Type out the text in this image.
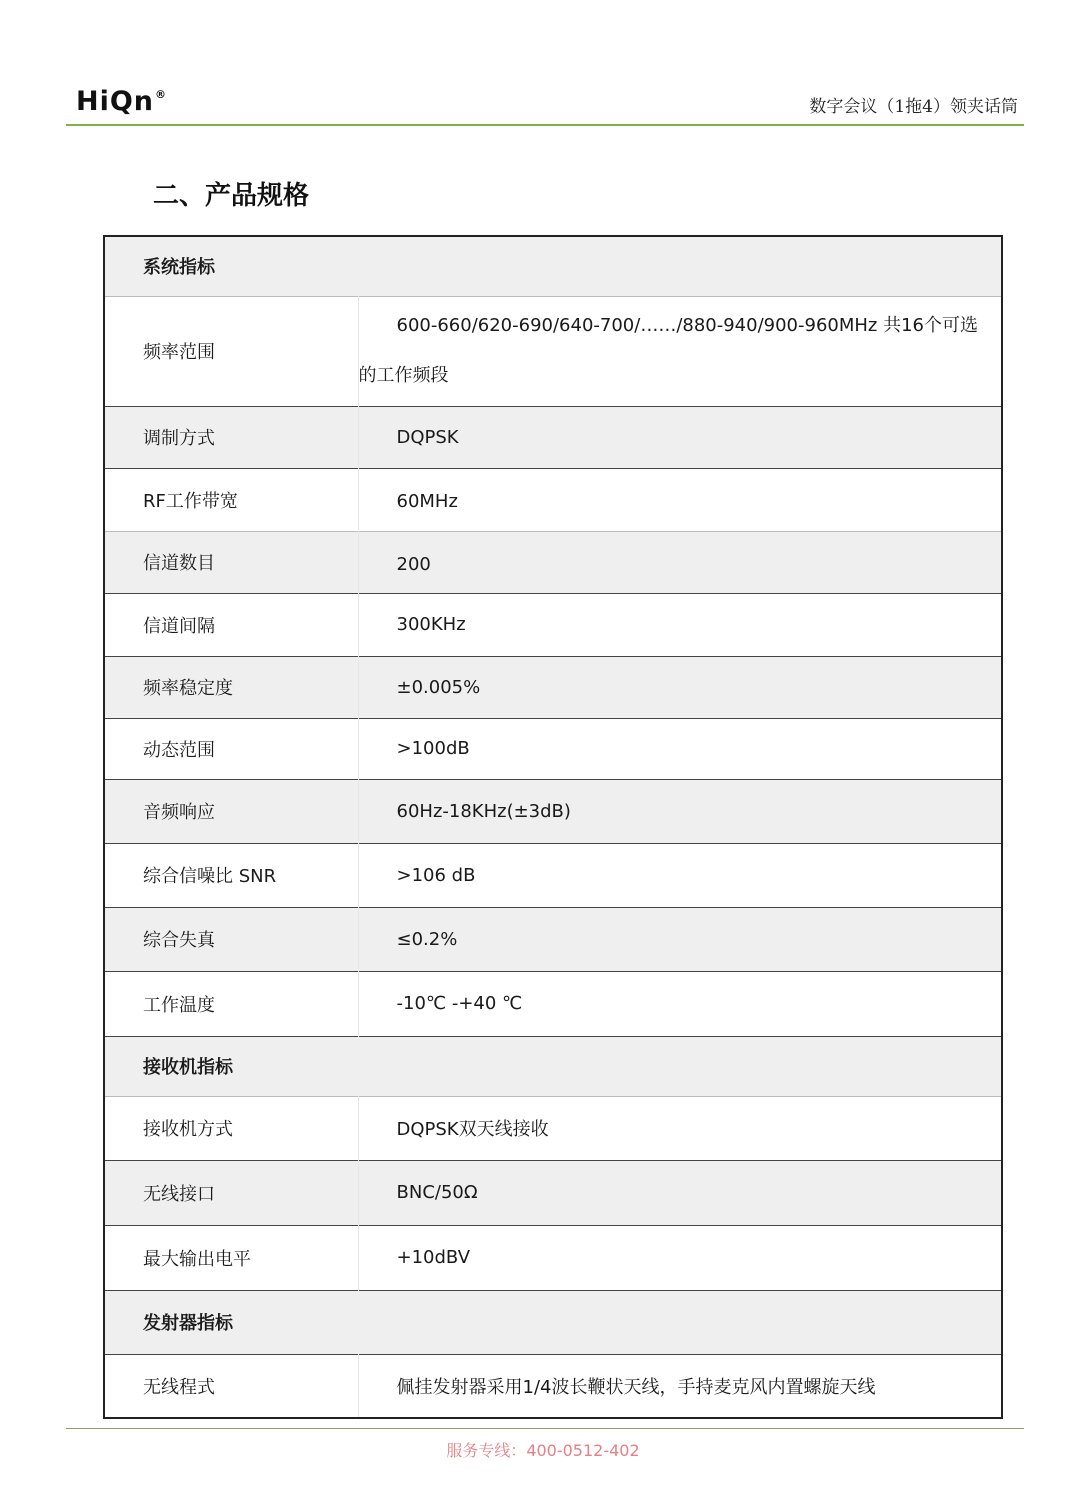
HiQn®
数字会议（1拖4）领夹话筒
二、产品规格
系统指标	
频率范围	600-660/620-690/640-700/……/880-940/900-960MHz 共16个可选
的工作频段

调制方式	DQPSK
RF工作带宽	60MHz
信道数目	200
信道间隔	300KHz
频率稳定度	±0.005%
动态范围	>100dB
音频响应	60Hz-18KHz(±3dB)
综合信噪比 SNR	>106 dB
综合失真	≤0.2%
工作温度	-10℃ -+40 ℃
接收机指标	
接收机方式	DQPSK双天线接收
无线接口	BNC/50Ω
最大输出电平	+10dBV
发射器指标	
无线程式	佩挂发射器采用1/4波长鞭状天线，手持麦克风内置螺旋天线
服务专线：400-0512-402
